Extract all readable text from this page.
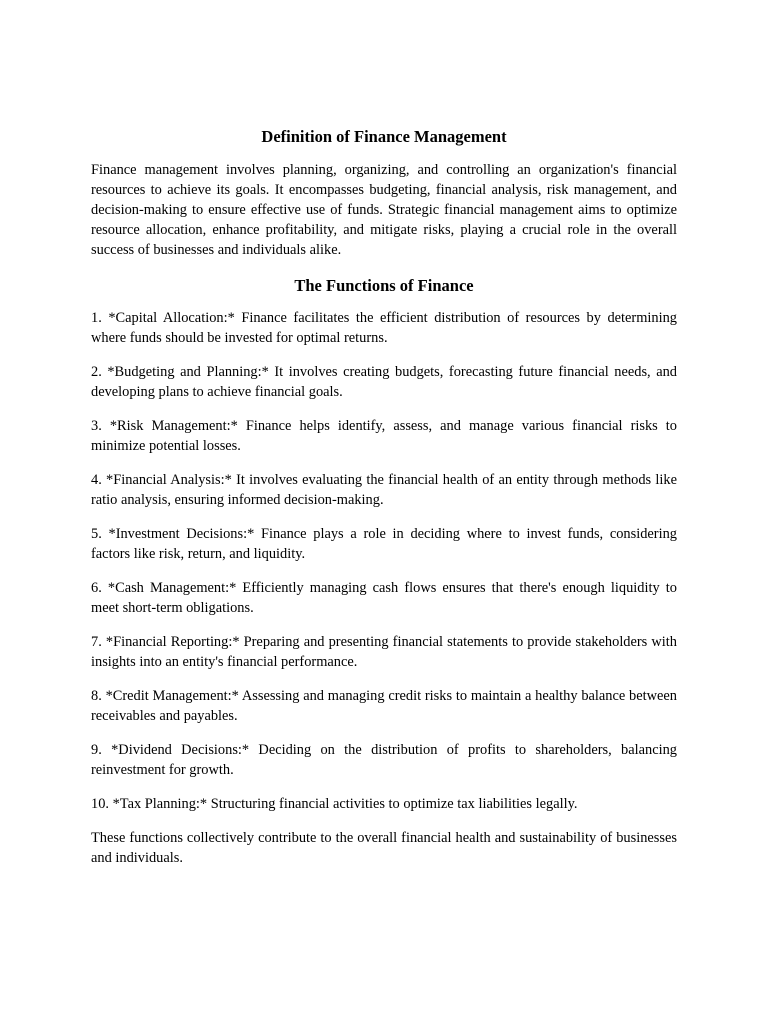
Definition of Finance Management

Finance management involves planning, organizing, and controlling an organization's financial resources to achieve its goals. It encompasses budgeting, financial analysis, risk management, and decision-making to ensure effective use of funds. Strategic financial management aims to optimize resource allocation, enhance profitability, and mitigate risks, playing a crucial role in the overall success of businesses and individuals alike.

The Functions of Finance

1. *Capital Allocation:* Finance facilitates the efficient distribution of resources by determining where funds should be invested for optimal returns.

2. *Budgeting and Planning:* It involves creating budgets, forecasting future financial needs, and developing plans to achieve financial goals.

3. *Risk Management:* Finance helps identify, assess, and manage various financial risks to minimize potential losses.

4. *Financial Analysis:* It involves evaluating the financial health of an entity through methods like ratio analysis, ensuring informed decision-making.

5. *Investment Decisions:* Finance plays a role in deciding where to invest funds, considering factors like risk, return, and liquidity.

6. *Cash Management:* Efficiently managing cash flows ensures that there's enough liquidity to meet short-term obligations.

7. *Financial Reporting:* Preparing and presenting financial statements to provide stakeholders with insights into an entity's financial performance.

8. *Credit Management:* Assessing and managing credit risks to maintain a healthy balance between receivables and payables.

9. *Dividend Decisions:* Deciding on the distribution of profits to shareholders, balancing reinvestment for growth.

10. *Tax Planning:* Structuring financial activities to optimize tax liabilities legally.

These functions collectively contribute to the overall financial health and sustainability of businesses and individuals.
